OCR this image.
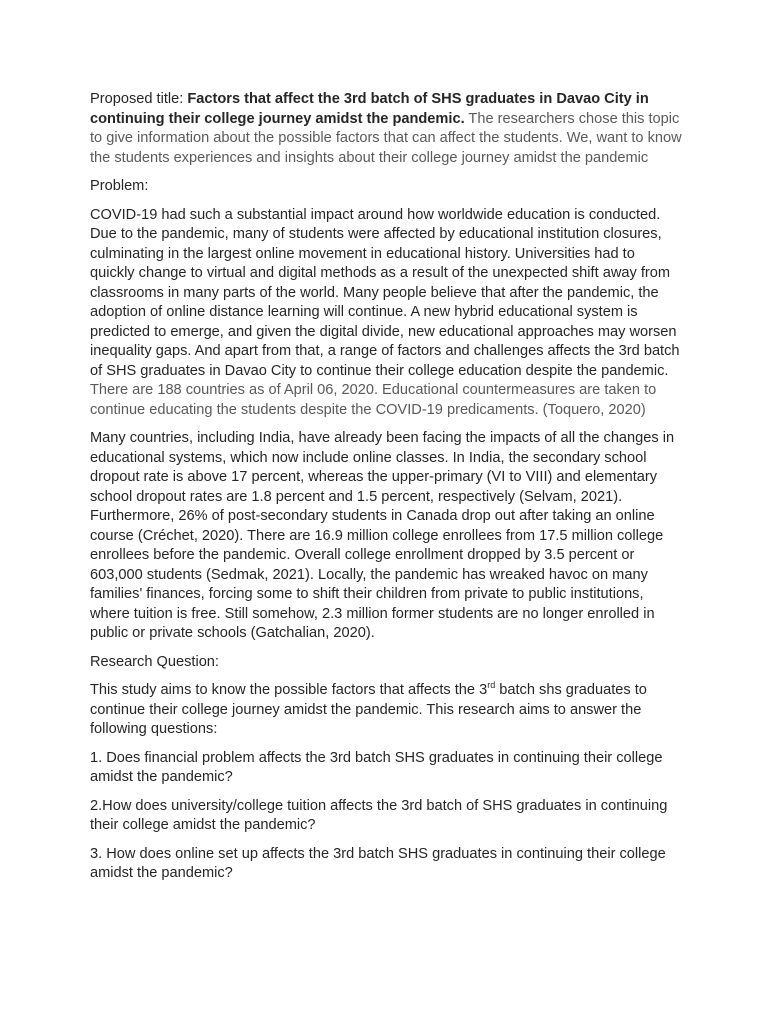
Proposed title: Factors that affect the 3rd batch of SHS graduates in Davao City in continuing their college journey amidst the pandemic. The researchers chose this topic to give information about the possible factors that can affect the students. We, want to know the students experiences and insights about their college journey amidst the pandemic

Problem:

COVID-19 had such a substantial impact around how worldwide education is conducted. Due to the pandemic, many of students were affected by educational institution closures, culminating in the largest online movement in educational history. Universities had to quickly change to virtual and digital methods as a result of the unexpected shift away from classrooms in many parts of the world. Many people believe that after the pandemic, the adoption of online distance learning will continue. A new hybrid educational system is predicted to emerge, and given the digital divide, new educational approaches may worsen inequality gaps. And apart from that, a range of factors and challenges affects the 3rd batch of SHS graduates in Davao City to continue their college education despite the pandemic. There are 188 countries as of April 06, 2020. Educational countermeasures are taken to continue educating the students despite the COVID-19 predicaments. (Toquero, 2020)

Many countries, including India, have already been facing the impacts of all the changes in educational systems, which now include online classes. In India, the secondary school dropout rate is above 17 percent, whereas the upper-primary (VI to VIII) and elementary school dropout rates are 1.8 percent and 1.5 percent, respectively (Selvam, 2021). Furthermore, 26% of post-secondary students in Canada drop out after taking an online course (Créchet, 2020). There are 16.9 million college enrollees from 17.5 million college enrollees before the pandemic. Overall college enrollment dropped by 3.5 percent or 603,000 students (Sedmak, 2021). Locally, the pandemic has wreaked havoc on many families' finances, forcing some to shift their children from private to public institutions, where tuition is free. Still somehow, 2.3 million former students are no longer enrolled in public or private schools (Gatchalian, 2020).

Research Question:

This study aims to know the possible factors that affects the 3rd batch shs graduates to continue their college journey amidst the pandemic. This research aims to answer the following questions:

1. Does financial problem affects the 3rd batch SHS graduates in continuing their college amidst the pandemic?

2.How does university/college tuition affects the 3rd batch of SHS graduates in continuing their college amidst the pandemic?

3. How does online set up affects the 3rd batch SHS graduates in continuing their college amidst the pandemic?
